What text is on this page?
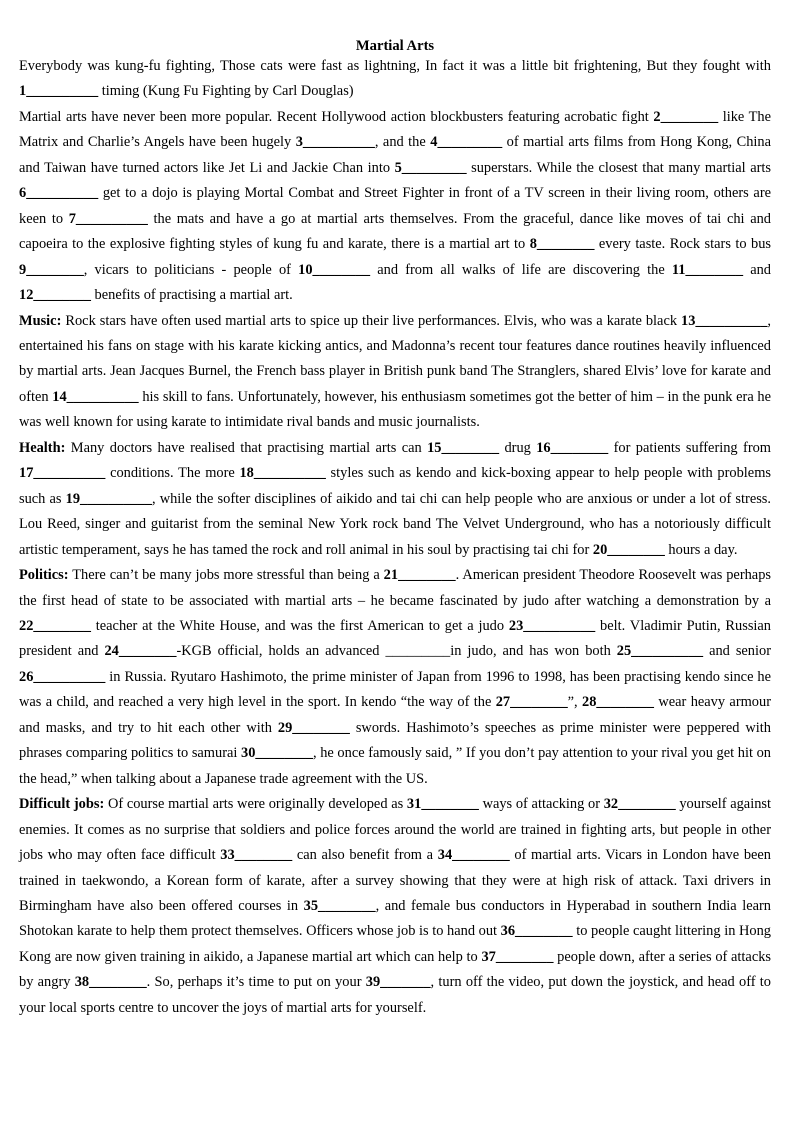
Martial Arts

Everybody was kung-fu fighting, Those cats were fast as lightning, In fact it was a little bit frightening, But they fought with 1__________ timing (Kung Fu Fighting by Carl Douglas)

Martial arts have never been more popular. Recent Hollywood action blockbusters featuring acrobatic fight 2________ like The Matrix and Charlie’s Angels have been hugely 3__________, and the 4_________ of martial arts films from Hong Kong, China and Taiwan have turned actors like Jet Li and Jackie Chan into 5_________ superstars. While the closest that many martial arts 6__________ get to a dojo is playing Mortal Combat and Street Fighter in front of a TV screen in their living room, others are keen to 7__________ the mats and have a go at martial arts themselves. From the graceful, dance like moves of tai chi and capoeira to the explosive fighting styles of kung fu and karate, there is a martial art to 8________ every taste. Rock stars to bus 9________, vicars to politicians - people of 10________ and from all walks of life are discovering the 11________ and 12________ benefits of practising a martial art.

Music: Rock stars have often used martial arts to spice up their live performances. Elvis, who was a karate black 13__________, entertained his fans on stage with his karate kicking antics, and Madonna’s recent tour features dance routines heavily influenced by martial arts. Jean Jacques Burnel, the French bass player in British punk band The Stranglers, shared Elvis’ love for karate and often 14__________ his skill to fans. Unfortunately, however, his enthusiasm sometimes got the better of him – in the punk era he was well known for using karate to intimidate rival bands and music journalists.

Health: Many doctors have realised that practising martial arts can 15________ drug 16________ for patients suffering from 17__________ conditions. The more 18__________ styles such as kendo and kick-boxing appear to help people with problems such as 19__________, while the softer disciplines of aikido and tai chi can help people who are anxious or under a lot of stress. Lou Reed, singer and guitarist from the seminal New York rock band The Velvet Underground, who has a notoriously difficult artistic temperament, says he has tamed the rock and roll animal in his soul by practising tai chi for 20________ hours a day.

Politics: There can’t be many jobs more stressful than being a 21________. American president Theodore Roosevelt was perhaps the first head of state to be associated with martial arts – he became fascinated by judo after watching a demonstration by a 22________ teacher at the White House, and was the first American to get a judo 23__________ belt. Vladimir Putin, Russian president and 24________-KGB official, holds an advanced _________in judo, and has won both 25__________ and senior 26__________ in Russia. Ryutaro Hashimoto, the prime minister of Japan from 1996 to 1998, has been practising kendo since he was a child, and reached a very high level in the sport. In kendo “the way of the 27________”, 28________ wear heavy armour and masks, and try to hit each other with 29________ swords. Hashimoto’s speeches as prime minister were peppered with phrases comparing politics to samurai 30________, he once famously said, ” If you don’t pay attention to your rival you get hit on the head,” when talking about a Japanese trade agreement with the US.

Difficult jobs: Of course martial arts were originally developed as 31________ ways of attacking or 32________ yourself against enemies. It comes as no surprise that soldiers and police forces around the world are trained in fighting arts, but people in other jobs who may often face difficult 33________ can also benefit from a 34________ of martial arts. Vicars in London have been trained in taekwondo, a Korean form of karate, after a survey showing that they were at high risk of attack. Taxi drivers in Birmingham have also been offered courses in 35________, and female bus conductors in Hyperabad in southern India learn Shotokan karate to help them protect themselves. Officers whose job is to hand out 36________ to people caught littering in Hong Kong are now given training in aikido, a Japanese martial art which can help to 37________ people down, after a series of attacks by angry 38________. So, perhaps it’s time to put on your 39_______, turn off the video, put down the joystick, and head off to your local sports centre to uncover the joys of martial arts for yourself.
